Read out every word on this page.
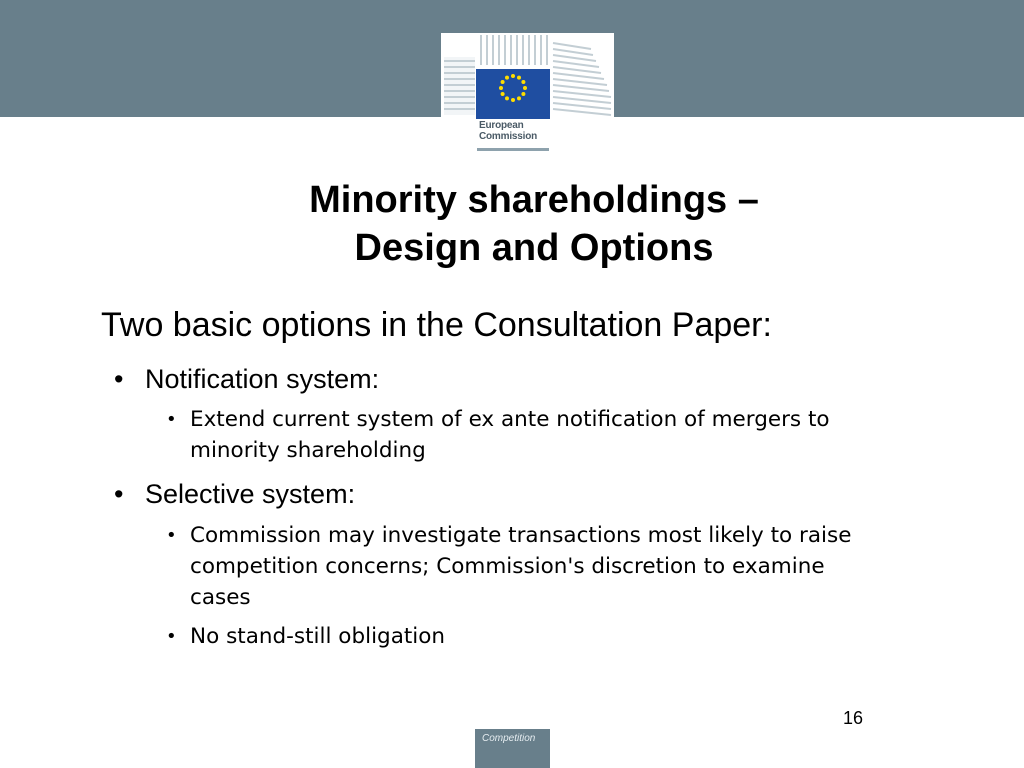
European
Commission
Minority shareholdings –
Design and Options
Two basic options in the Consultation Paper:
• Notification system:
• Extend current system of ex ante notification of mergers to
minority shareholding
• Selective system:
• Commission may investigate transactions most likely to raise
competition concerns; Commission's discretion to examine
cases
• No stand-still obligation
16
Competition
